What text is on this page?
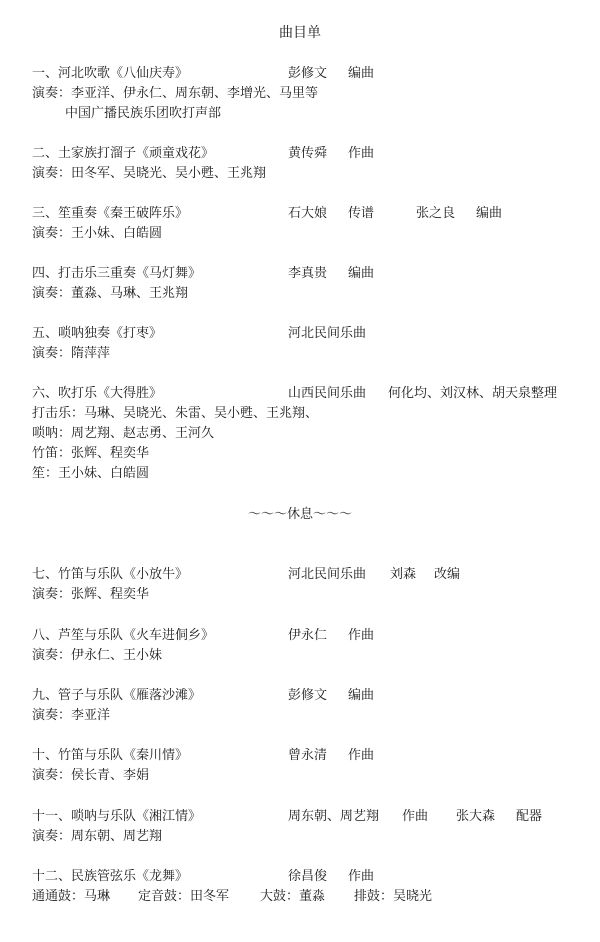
曲目单
一、河北吹歌《八仙庆寿》	彭修文 编曲
演奏：李亚洋、伊永仁、周东朝、李增光、马里等
中国广播民族乐团吹打声部
二、土家族打溜子《顽童戏花》	黄传舜 作曲
演奏：田冬军、吴晓光、吴小甦、王兆翔
三、笙重奏《秦王破阵乐》	石大娘 传谱	张之良 编曲
演奏：王小妹、白皓圆
四、打击乐三重奏《马灯舞》	李真贵 编曲
演奏：董淼、马琳、王兆翔
五、唢呐独奏《打枣》	河北民间乐曲
演奏：隋萍萍
六、吹打乐《大得胜》	山西民间乐曲 何化均、刘汉林、胡天泉整理
打击乐：马琳、吴晓光、朱雷、吴小甦、王兆翔、
唢呐：周艺翔、赵志勇、王河久
竹笛：张辉、程奕华
笙：王小妹、白皓圆
～～～休息～～～
七、竹笛与乐队《小放牛》	河北民间乐曲 刘森 改编
演奏：张辉、程奕华
八、芦笙与乐队《火车进侗乡》	伊永仁 作曲
演奏：伊永仁、王小妹
九、管子与乐队《雁落沙滩》	彭修文 编曲
演奏：李亚洋
十、竹笛与乐队《秦川情》	曾永清 作曲
演奏：侯长青、李娟
十一、唢呐与乐队《湘江情》	周东朝、周艺翔 作曲 张大森 配器
演奏：周东朝、周艺翔
十二、民族管弦乐《龙舞》	徐昌俊 作曲
通通鼓：马琳 定音鼓：田冬军 大鼓：董淼 排鼓：吴晓光
